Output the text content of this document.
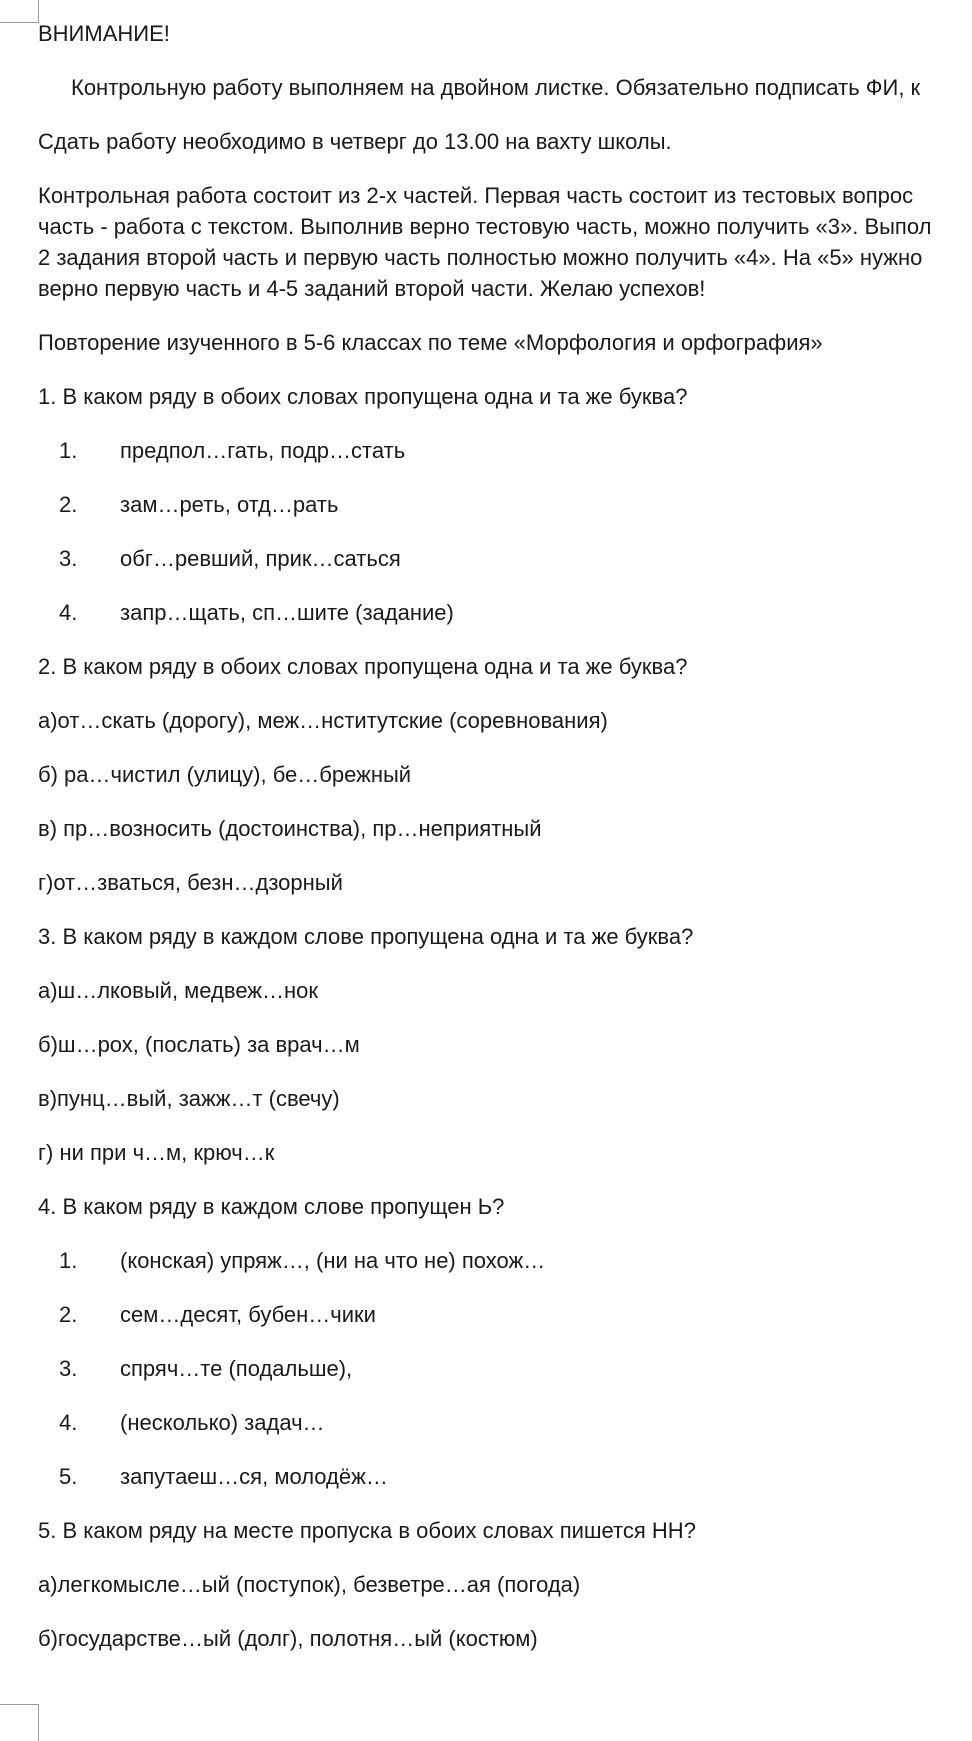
ВНИМАНИЕ!

Контрольную работу выполняем на двойном листке. Обязательно подписать ФИ, к

Сдать работу необходимо в четверг до 13.00 на вахту школы.

Контрольная работа состоит из 2-х частей. Первая часть состоит из тестовых вопрос

часть - работа с текстом. Выполнив верно тестовую часть, можно получить «3». Выпол

2 задания второй часть и первую часть полностью можно получить «4». На «5» нужно

верно первую часть и 4-5 заданий второй части. Желаю успехов!

Повторение изученного в 5-6 классах по теме «Морфология и орфография»

1. В каком ряду в обоих словах пропущена одна и та же буква?

1.	предпол…гать, подр…стать
2.	зам…реть, отд…рать
3.	обг…ревший, прик…саться
4.	запр…щать, сп…шите (задание)

2. В каком ряду в обоих словах пропущена одна и та же буква?

а)от…скать (дорогу), меж…нститутские (соревнования)

б) ра…чистил (улицу), бе…брежный

в) пр…возносить (достоинства), пр…неприятный

г)от…зваться, безн…дзорный

3. В каком ряду в каждом слове пропущена одна и та же буква?

а)ш…лковый, медвеж…нок

б)ш…рох, (послать) за врач…м

в)пунц…вый, зажж…т (свечу)

г) ни при ч…м, крюч…к

4. В каком ряду в каждом слове пропущен Ь?

1.	(конская) упряж…, (ни на что не) похож…
2.	сем…десят, бубен…чики
3.	спряч…те (подальше),
4.	(несколько) задач…
5.	запутаеш…ся, молодёж…

5. В каком ряду на месте пропуска в обоих словах пишется НН?

а)легкомысле…ый (поступок), безветре…ая (погода)

б)государстве…ый (долг), полотня…ый (костюм)
